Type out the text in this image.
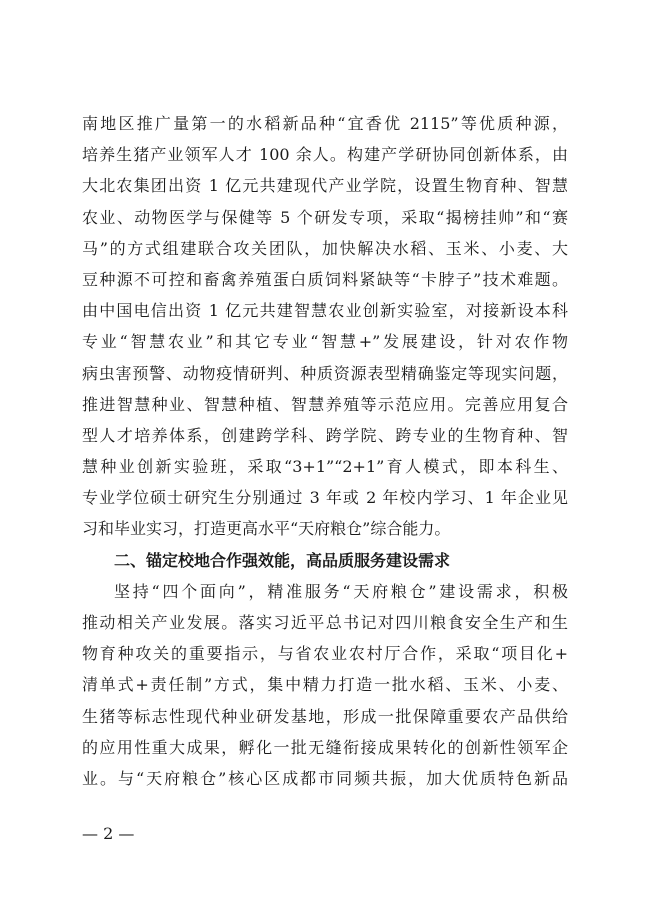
南地区推广量第一的水稻新品种“宜香优 2115”等优质种源，
培养生猪产业领军人才 100 余人。构建产学研协同创新体系，由
大北农集团出资 1 亿元共建现代产业学院，设置生物育种、智慧
农业、动物医学与保健等 5 个研发专项，采取“揭榜挂帅”和“赛
马”的方式组建联合攻关团队，加快解决水稻、玉米、小麦、大
豆种源不可控和畜禽养殖蛋白质饲料紧缺等“卡脖子”技术难题。
由中国电信出资 1 亿元共建智慧农业创新实验室，对接新设本科
专业“智慧农业”和其它专业“智慧+”发展建设，针对农作物
病虫害预警、动物疫情研判、种质资源表型精确鉴定等现实问题，
推进智慧种业、智慧种植、智慧养殖等示范应用。完善应用复合
型人才培养体系，创建跨学科、跨学院、跨专业的生物育种、智
慧种业创新实验班，采取“3+1”“2+1”育人模式，即本科生、
专业学位硕士研究生分别通过 3 年或 2 年校内学习、1 年企业见
习和毕业实习，打造更高水平“天府粮仓”综合能力。
二、锚定校地合作强效能，高品质服务建设需求
坚持“四个面向”，精准服务“天府粮仓”建设需求，积极
推动相关产业发展。落实习近平总书记对四川粮食安全生产和生
物育种攻关的重要指示，与省农业农村厅合作，采取“项目化+
清单式+责任制”方式，集中精力打造一批水稻、玉米、小麦、
生猪等标志性现代种业研发基地，形成一批保障重要农产品供给
的应用性重大成果，孵化一批无缝衔接成果转化的创新性领军企
业。与“天府粮仓”核心区成都市同频共振，加大优质特色新品
— 2 —
